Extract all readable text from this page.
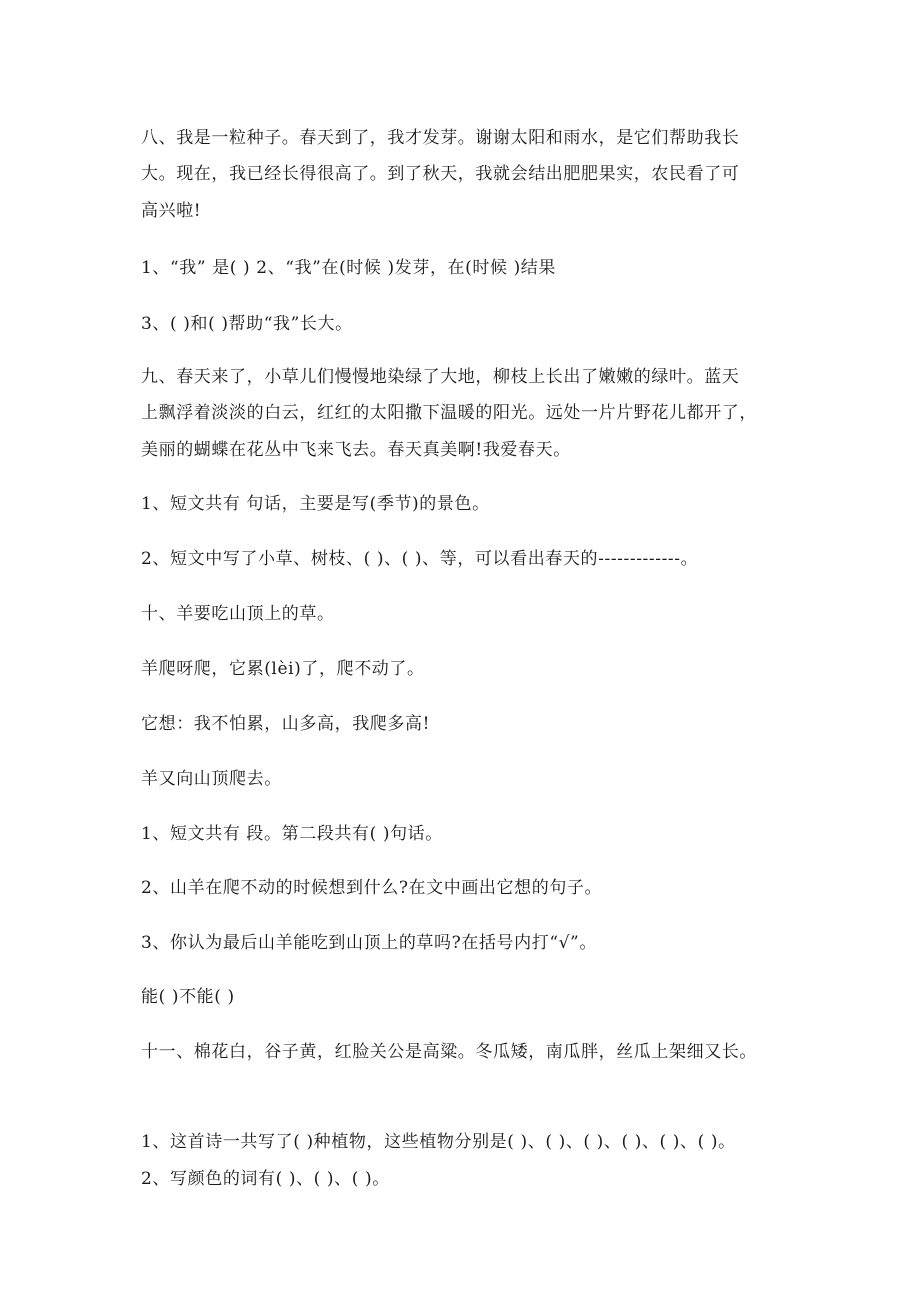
八、我是一粒种子。春天到了，我才发芽。谢谢太阳和雨水，是它们帮助我长
大。现在，我已经长得很高了。到了秋天，我就会结出肥肥果实，农民看了可
高兴啦!
1、“我” 是( ) 2、“我”在(时候 )发芽，在(时候 )结果
3、( )和( )帮助“我”长大。
九、春天来了，小草儿们慢慢地染绿了大地，柳枝上长出了嫩嫩的绿叶。蓝天
上飘浮着淡淡的白云，红红的太阳撒下温暖的阳光。远处一片片野花儿都开了，
美丽的蝴蝶在花丛中飞来飞去。春天真美啊!我爱春天。
1、短文共有 句话，主要是写(季节)的景色。
2、短文中写了小草、树枝、( )、( )、等，可以看出春天的-------------。
十、羊要吃山顶上的草。
羊爬呀爬，它累(lèi)了，爬不动了。
它想：我不怕累，山多高，我爬多高!
羊又向山顶爬去。
1、短文共有 段。第二段共有( )句话。
2、山羊在爬不动的时候想到什么?在文中画出它想的句子。
3、你认为最后山羊能吃到山顶上的草吗?在括号内打“√”。
能( )不能( )
十一、棉花白，谷子黄，红脸关公是高粱。冬瓜矮，南瓜胖，丝瓜上架细又长。
1、这首诗一共写了( )种植物，这些植物分别是( )、( )、( )、( )、( )、( )。
2、写颜色的词有( )、( )、( )。
